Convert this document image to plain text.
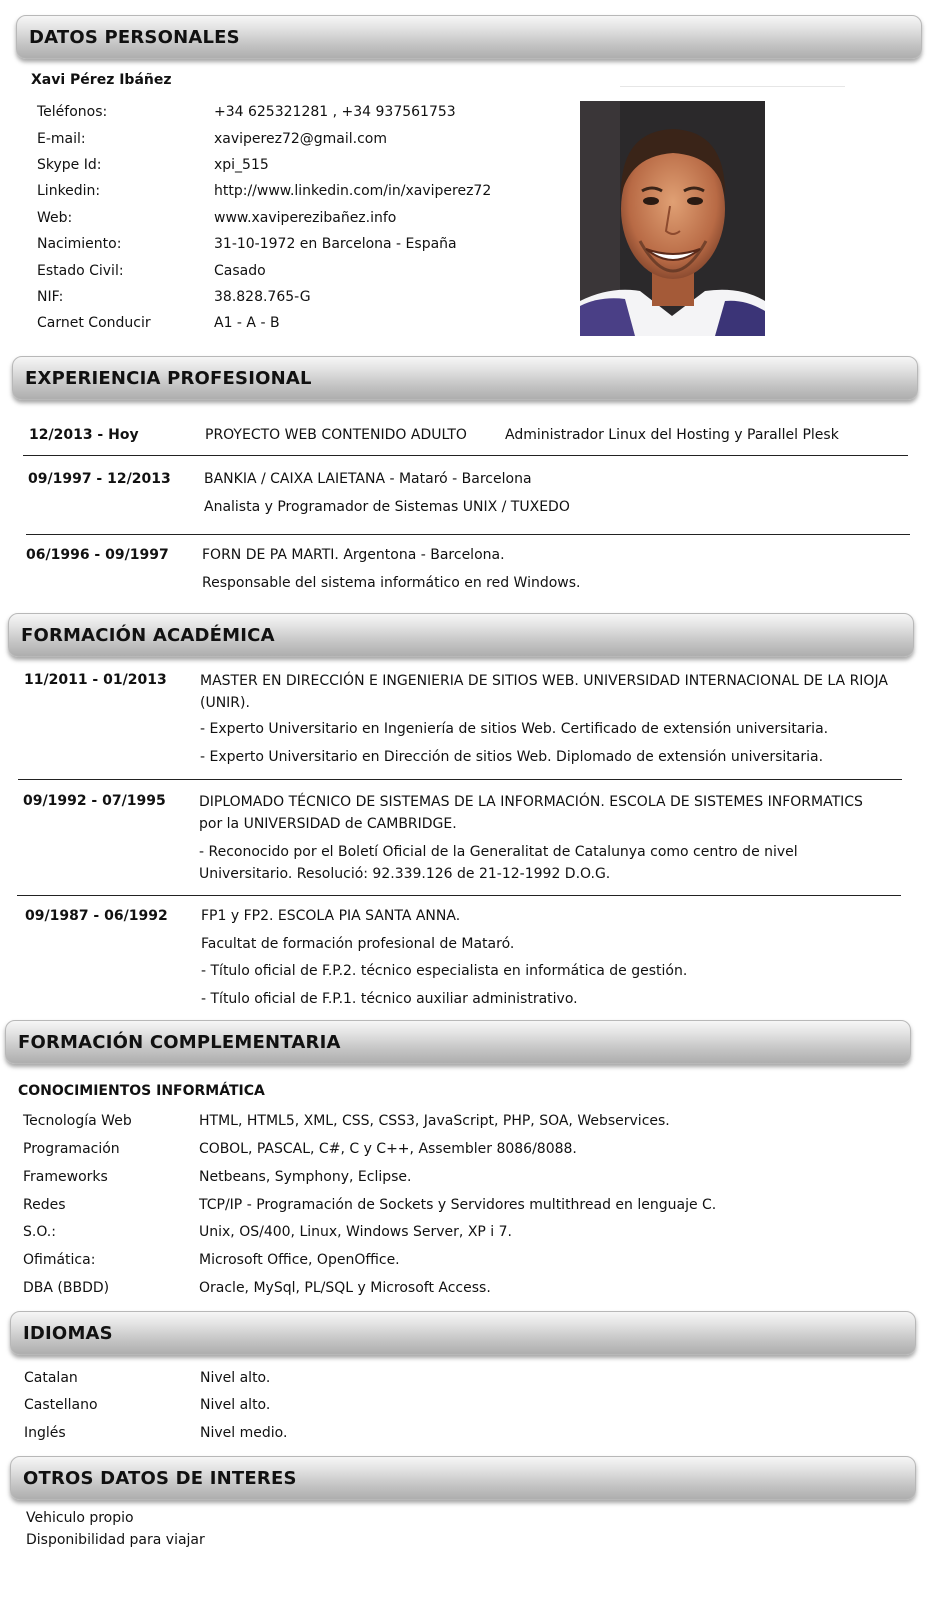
DATOS PERSONALES
Xavi Pérez Ibáñez
Teléfonos:	+34 625321281 , +34 937561753
E-mail:	xaviperez72@gmail.com
Skype Id:	xpi_515
Linkedin:	http://www.linkedin.com/in/xaviperez72
Web:	www.xaviperezibañez.info
Nacimiento:	31-10-1972 en Barcelona - España
Estado Civil:	Casado
NIF:	38.828.765-G
Carnet Conducir	A1 - A - B
EXPERIENCIA PROFESIONAL
12/2013 - Hoy	PROYECTO WEB CONTENIDO ADULTO	Administrador Linux del Hosting y Parallel Plesk
09/1997 - 12/2013 BANKIA / CAIXA LAIETANA - Mataró - Barcelona
Analista y Programador de Sistemas UNIX / TUXEDO
06/1996 - 09/1997 FORN DE PA MARTI. Argentona - Barcelona.
Responsable del sistema informático en red Windows.
FORMACIÓN ACADÉMICA
11/2011 - 01/2013 MASTER EN DIRECCIÓN E INGENIERIA DE SITIOS WEB. UNIVERSIDAD INTERNACIONAL DE LA RIOJA (UNIR).
- Experto Universitario en Ingeniería de sitios Web. Certificado de extensión universitaria.
- Experto Universitario en Dirección de sitios Web. Diplomado de extensión universitaria.
09/1992 - 07/1995 DIPLOMADO TÉCNICO DE SISTEMAS DE LA INFORMACIÓN. ESCOLA DE SISTEMES INFORMATICS por la UNIVERSIDAD de CAMBRIDGE.
- Reconocido por el Boletí Oficial de la Generalitat de Catalunya como centro de nivel Universitario. Resolució: 92.339.126 de 21-12-1992 D.O.G.
09/1987 - 06/1992 FP1 y FP2. ESCOLA PIA SANTA ANNA.
Facultat de formación profesional de Mataró.
- Título oficial de F.P.2. técnico especialista en informática de gestión.
- Título oficial de F.P.1. técnico auxiliar administrativo.
FORMACIÓN COMPLEMENTARIA
CONOCIMIENTOS INFORMÁTICA
Tecnología Web	HTML, HTML5, XML, CSS, CSS3, JavaScript, PHP, SOA, Webservices.
Programación	COBOL, PASCAL, C#, C y C++, Assembler 8086/8088.
Frameworks	Netbeans, Symphony, Eclipse.
Redes	TCP/IP - Programación de Sockets y Servidores multithread en lenguaje C.
S.O.:	Unix, OS/400, Linux, Windows Server, XP i 7.
Ofimática:	Microsoft Office, OpenOffice.
DBA (BBDD)	Oracle, MySql, PL/SQL y Microsoft Access.
IDIOMAS
Catalan	Nivel alto.
Castellano	Nivel alto.
Inglés	Nivel medio.
OTROS DATOS DE INTERES
Vehiculo propio
Disponibilidad para viajar
